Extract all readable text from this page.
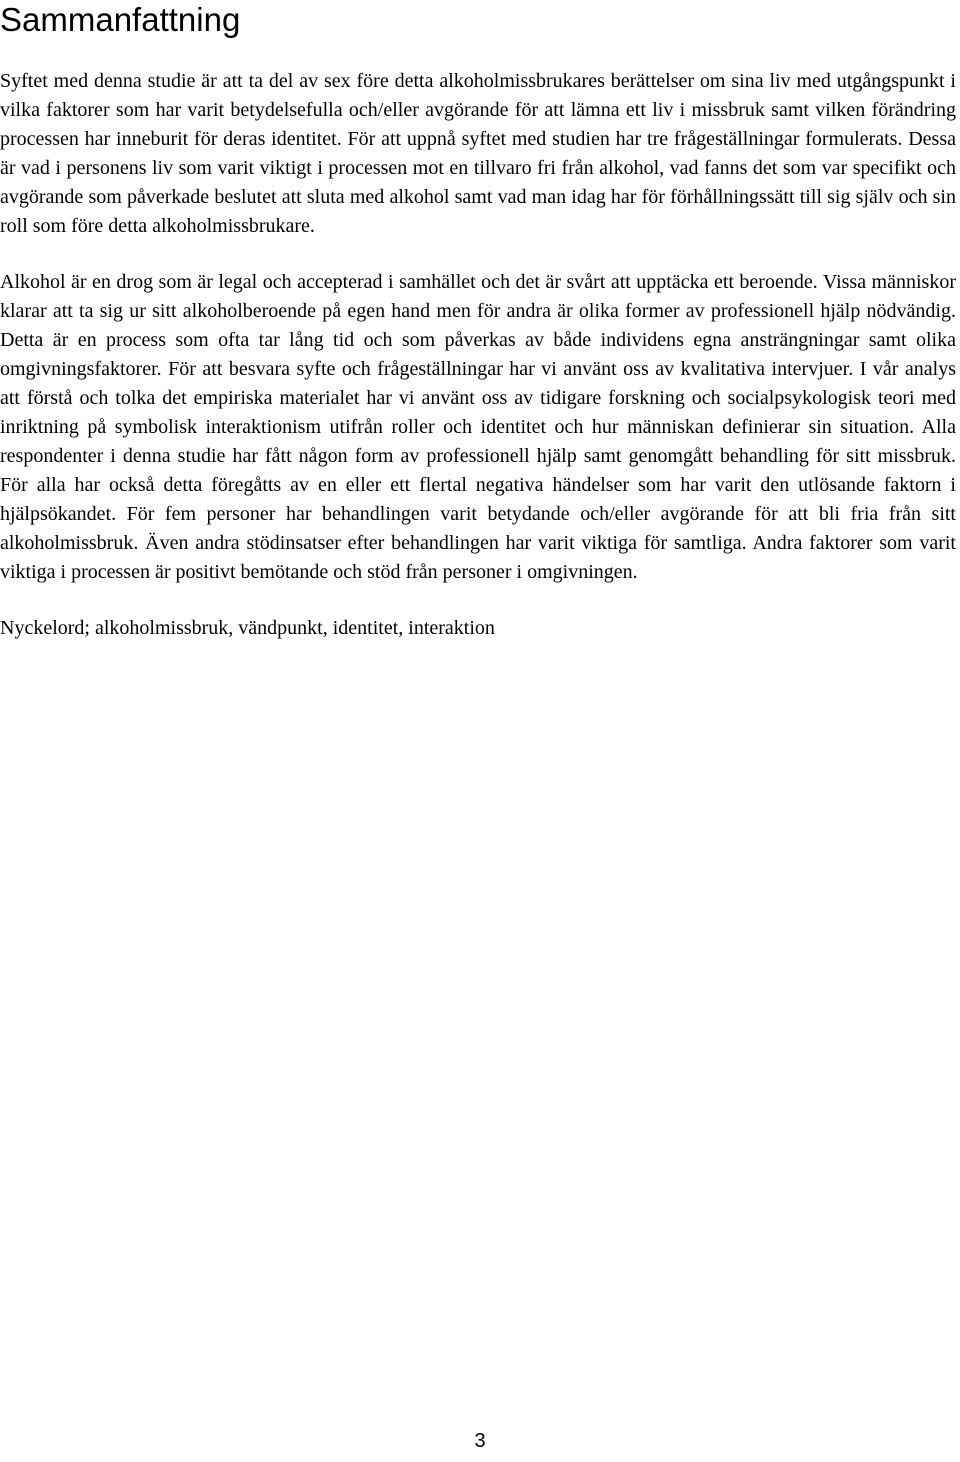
Sammanfattning

Syftet med denna studie är att ta del av sex före detta alkoholmissbrukares berättelser om sina liv med utgångspunkt i vilka faktorer som har varit betydelsefulla och/eller avgörande för att lämna ett liv i missbruk samt vilken förändring processen har inneburit för deras identitet. För att uppnå syftet med studien har tre frågeställningar formulerats. Dessa är vad i personens liv som varit viktigt i processen mot en tillvaro fri från alkohol, vad fanns det som var specifikt och avgörande som påverkade beslutet att sluta med alkohol samt vad man idag har för förhållningssätt till sig själv och sin roll som före detta alkoholmissbrukare.

Alkohol är en drog som är legal och accepterad i samhället och det är svårt att upptäcka ett beroende. Vissa människor klarar att ta sig ur sitt alkoholberoende på egen hand men för andra är olika former av professionell hjälp nödvändig. Detta är en process som ofta tar lång tid och som påverkas av både individens egna ansträngningar samt olika omgivningsfaktorer. För att besvara syfte och frågeställningar har vi använt oss av kvalitativa intervjuer. I vår analys att förstå och tolka det empiriska materialet har vi använt oss av tidigare forskning och socialpsykologisk teori med inriktning på symbolisk interaktionism utifrån roller och identitet och hur människan definierar sin situation. Alla respondenter i denna studie har fått någon form av professionell hjälp samt genomgått behandling för sitt missbruk. För alla har också detta föregåtts av en eller ett flertal negativa händelser som har varit den utlösande faktorn i hjälpsökandet. För fem personer har behandlingen varit betydande och/eller avgörande för att bli fria från sitt alkoholmissbruk. Även andra stödinsatser efter behandlingen har varit viktiga för samtliga. Andra faktorer som varit viktiga i processen är positivt bemötande och stöd från personer i omgivningen.

Nyckelord; alkoholmissbruk, vändpunkt, identitet, interaktion

3
